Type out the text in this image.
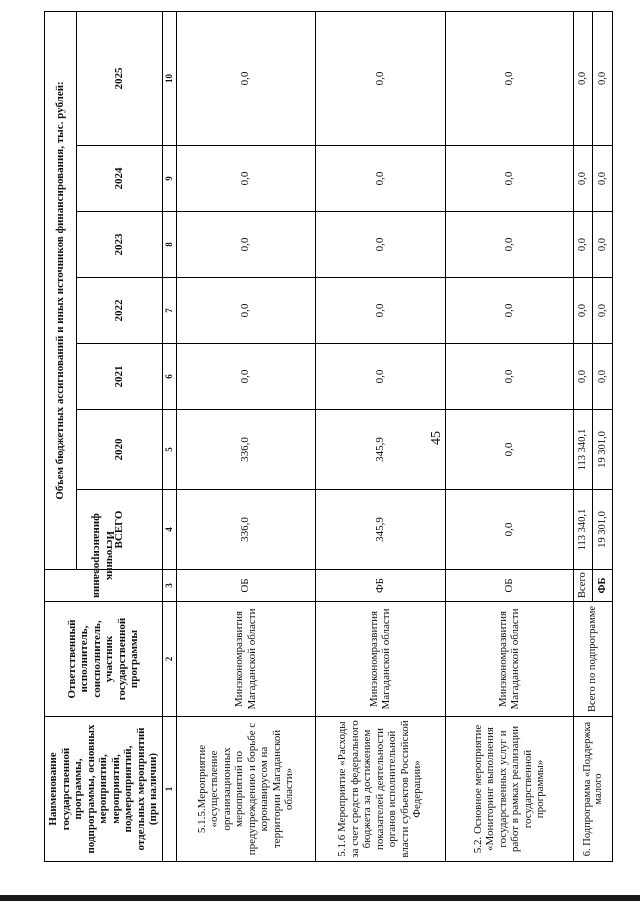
45
Наименование государственной программы, подпрограммы, основных мероприятий, мероприятий, подмероприятий, отдельных мероприятий (при наличии)	Ответственный исполнитель, соисполнитель, участник государственной программы	Источник финансирования	Объем бюджетных ассигнований и иных источников финансирования, тыс. рублей:						
			ВСЕГО	2020	2021	2022	2023	2024	2025
1	2	3	4	5	6	7	8	9	10
5.1.5.Мероприятие «осуществление организационных мероприятий по предупреждению и борьбе с коронавирусом на территории Магаданской области»	Минэкономразвития Магаданской области	ОБ	336,0	336,0	0,0	0,0	0,0	0,0	0,0
5.1.6 Мероприятие «Расходы за счет средств федерального бюджета за достижением показателей деятельности органов исполнительной власти субъектов Российской Федерации»	Минэкономразвития Магаданской области	ФБ	345,9	345,9	0,0	0,0	0,0	0,0	0,0
5.2. Основное мероприятие «Мониторинг выполнения государственных услуг и работ в рамках реализации государственной программы»	Минэкономразвития Магаданской области	ОБ	0,0	0,0	0,0	0,0	0,0	0,0	0,0
6. Подпрограмма «Поддержка малого	Всего по подпрограмме	Всего	113 340,1	113 340,1	0,0	0,0	0,0	0,0	0,0
		ФБ	19 301,0	19 301,0	0,0	0,0	0,0	0,0	0,0
